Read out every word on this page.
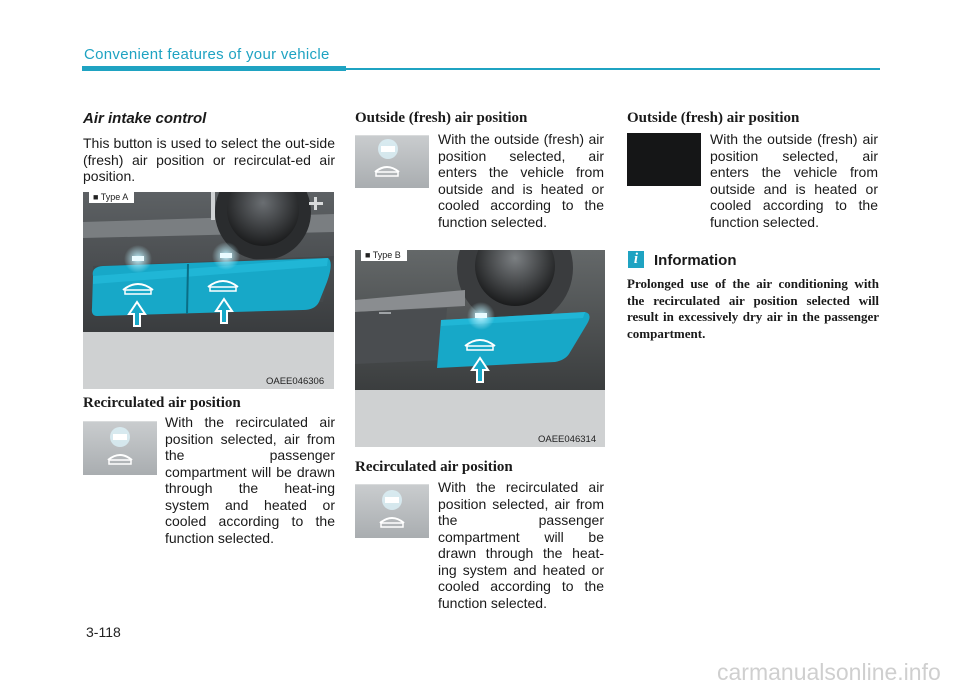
Convenient features of your vehicle

Air intake control

This button is used to select the out-side (fresh) air position or recirculat-ed air position.

■ Type A
OAEE046306

Recirculated air position

With the recirculated air position selected, air from the passenger compartment will be drawn through the heat-ing system and heated or cooled according to the function selected.

Outside (fresh) air position

With the outside (fresh) air position selected, air enters the vehicle from outside and is heated or cooled according to the function selected.
■ Type B
OAEE046314

Recirculated air position

With the recirculated air position selected, air from the passenger compartment will be drawn through the heat-ing system and heated or cooled according to the function selected.

Outside (fresh) air position

With the outside (fresh) air position selected, air enters the vehicle from outside and is heated or cooled according to the function selected.
i	Information
Prolonged use of the air conditioning with the recirculated air position selected will result in excessively dry air in the passenger compartment.
3-118
carmanualsonline.info
